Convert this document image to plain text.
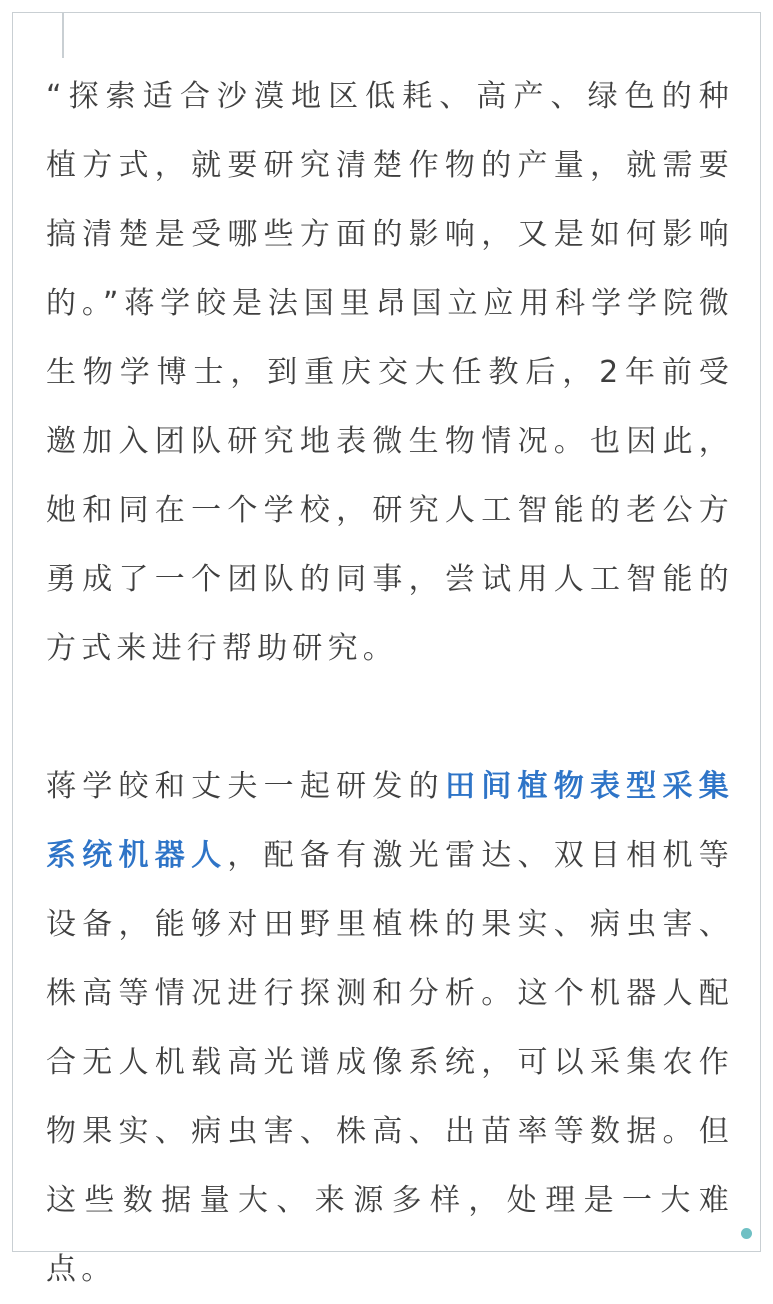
“探索适合沙漠地区低耗、高产、绿色的种植方式，就要研究清楚作物的产量，就需要搞清楚是受哪些方面的影响，又是如何影响的。”蒋学皎是法国里昂国立应用科学学院微生物学博士，到重庆交大任教后，2年前受邀加入团队研究地表微生物情况。也因此，她和同在一个学校，研究人工智能的老公方勇成了一个团队的同事，尝试用人工智能的方式来进行帮助研究。

蒋学皎和丈夫一起研发的田间植物表型采集系统机器人，配备有激光雷达、双目相机等设备，能够对田野里植株的果实、病虫害、株高等情况进行探测和分析。这个机器人配合无人机载高光谱成像系统，可以采集农作物果实、病虫害、株高、出苗率等数据。但这些数据量大、来源多样，处理是一大难点。
